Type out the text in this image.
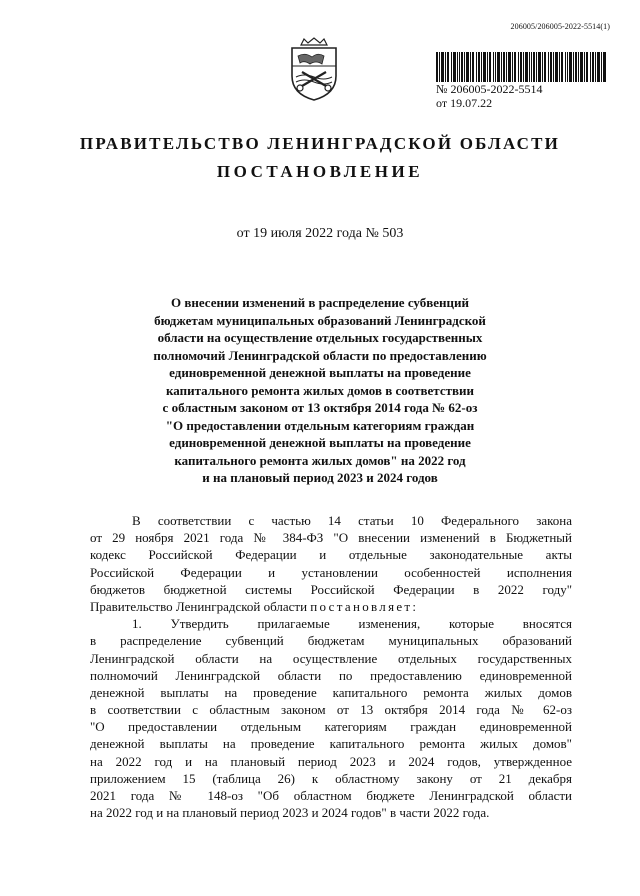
206005/206005-2022-5514(1)
№ 206005-2022-5514
от 19.07.22
ПРАВИТЕЛЬСТВО ЛЕНИНГРАДСКОЙ ОБЛАСТИ
ПОСТАНОВЛЕНИЕ
от 19 июля 2022 года № 503
О внесении изменений в распределение субвенций
бюджетам муниципальных образований Ленинградской
области на осуществление отдельных государственных
полномочий Ленинградской области по предоставлению
единовременной денежной выплаты на проведение
капитального ремонта жилых домов в соответствии
с областным законом от 13 октября 2014 года № 62-оз
"О предоставлении отдельным категориям граждан
единовременной денежной выплаты на проведение
капитального ремонта жилых домов" на 2022 год
и на плановый период 2023 и 2024 годов
В соответствии с частью 14 статьи 10 Федерального закона
от 29 ноября 2021 года № 384-ФЗ "О внесении изменений в Бюджетный
кодекс Российской Федерации и отдельные законодательные акты
Российской Федерации и установлении особенностей исполнения
бюджетов бюджетной системы Российской Федерации в 2022 году"
Правительство Ленинградской области постановляет:
1. Утвердить прилагаемые изменения, которые вносятся
в распределение субвенций бюджетам муниципальных образований
Ленинградской области на осуществление отдельных государственных
полномочий Ленинградской области по предоставлению единовременной
денежной выплаты на проведение капитального ремонта жилых домов
в соответствии с областным законом от 13 октября 2014 года № 62-оз
"О предоставлении отдельным категориям граждан единовременной
денежной выплаты на проведение капитального ремонта жилых домов"
на 2022 год и на плановый период 2023 и 2024 годов, утвержденное
приложением 15 (таблица 26) к областному закону от 21 декабря
2021 года № 148-оз "Об областном бюджете Ленинградской области
на 2022 год и на плановый период 2023 и 2024 годов" в части 2022 года.
